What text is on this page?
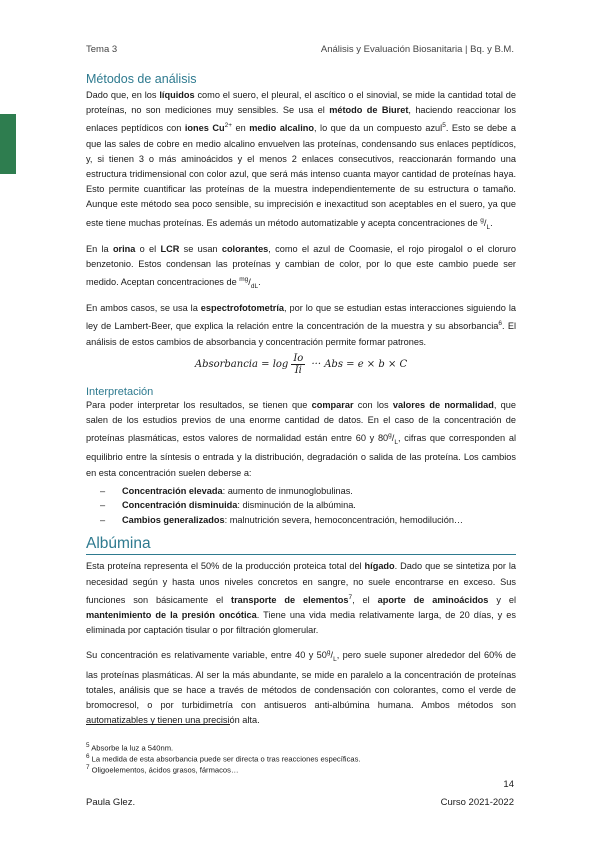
Tema 3	Análisis y Evaluación Biosanitaria | Bq. y B.M.
Métodos de análisis

Dado que, en los líquidos como el suero, el pleural, el ascítico o el sinovial, se mide la cantidad total de proteínas, no son mediciones muy sensibles. Se usa el método de Biuret, haciendo reaccionar los enlaces peptídicos con iones $Cu^{2+}$ en medio alcalino, lo que da un compuesto azul$^5$. Esto se debe a que las sales de cobre en medio alcalino envuelven las proteínas, condensando sus enlaces peptídicos, y, si tienen 3 o más aminoácidos y el menos 2 enlaces consecutivos, reaccionarán formando una estructura tridimensional con color azul, que será más intenso cuanta mayor cantidad de proteínas haya. Esto permite cuantificar las proteínas de la muestra independientemente de su estructura o tamaño. Aunque este método sea poco sensible, su imprecisión e inexactitud son aceptables en el suero, ya que este tiene muchas proteínas. Es además un método automatizable y acepta concentraciones de $^g/_L$.

En la orina o el LCR se usan colorantes, como el azul de Coomasie, el rojo pirogalol o el cloruro benzetonio. Estos condensan las proteínas y cambian de color, por lo que este cambio puede ser medido. Aceptan concentraciones de $^{mg}/_{dL}$.

En ambos casos, se usa la espectrofotometría, por lo que se estudian estas interacciones siguiendo la ley de Lambert-Beer, que explica la relación entre la concentración de la muestra y su absorbancia$^6$. El análisis de estos cambios de absorbancia y concentración permite formar patrones.

Absorbancia = $\log \frac{Io}{Ii}$ ··· Abs = e × b × C
Interpretación

Para poder interpretar los resultados, se tienen que comparar con los valores de normalidad, que salen de los estudios previos de una enorme cantidad de datos. En el caso de la concentración de proteínas plasmáticas, estos valores de normalidad están entre 60 y $80^g/_L$, cifras que corresponden al equilibrio entre la síntesis o entrada y la distribución, degradación o salida de las proteína. Los cambios en esta concentración suelen deberse a:

– Concentración elevada: aumento de inmunoglobulinas.
– Concentración disminuida: disminución de la albúmina.
– Cambios generalizados: malnutrición severa, hemoconcentración, hemodilución…
Albúmina

Esta proteína representa el 50% de la producción proteica total del hígado. Dado que se sintetiza por la necesidad según y hasta unos niveles concretos en sangre, no suele encontrarse en exceso. Sus funciones son básicamente el transporte de elementos$^7$, el aporte de aminoácidos y el mantenimiento de la presión oncótica. Tiene una vida media relativamente larga, de 20 días, y es eliminada por captación tisular o por filtración glomerular.

Su concentración es relativamente variable, entre 40 y $50^g/_L$, pero suele suponer alrededor del 60% de las proteínas plasmáticas. Al ser la más abundante, se mide en paralelo a la concentración de proteínas totales, análisis que se hace a través de métodos de condensación con colorantes, como el verde de bromocresol, o por turbidimetría con antisueros anti-albúmina humana. Ambos métodos son automatizables y tienen una precisión alta.

$^5$ Absorbe la luz a 540nm.
$^6$ La medida de esta absorbancia puede ser directa o tras reacciones específicas.
$^7$ Oligoelementos, ácidos grasos, fármacos…
14
Paula Glez.	Curso 2021-2022
